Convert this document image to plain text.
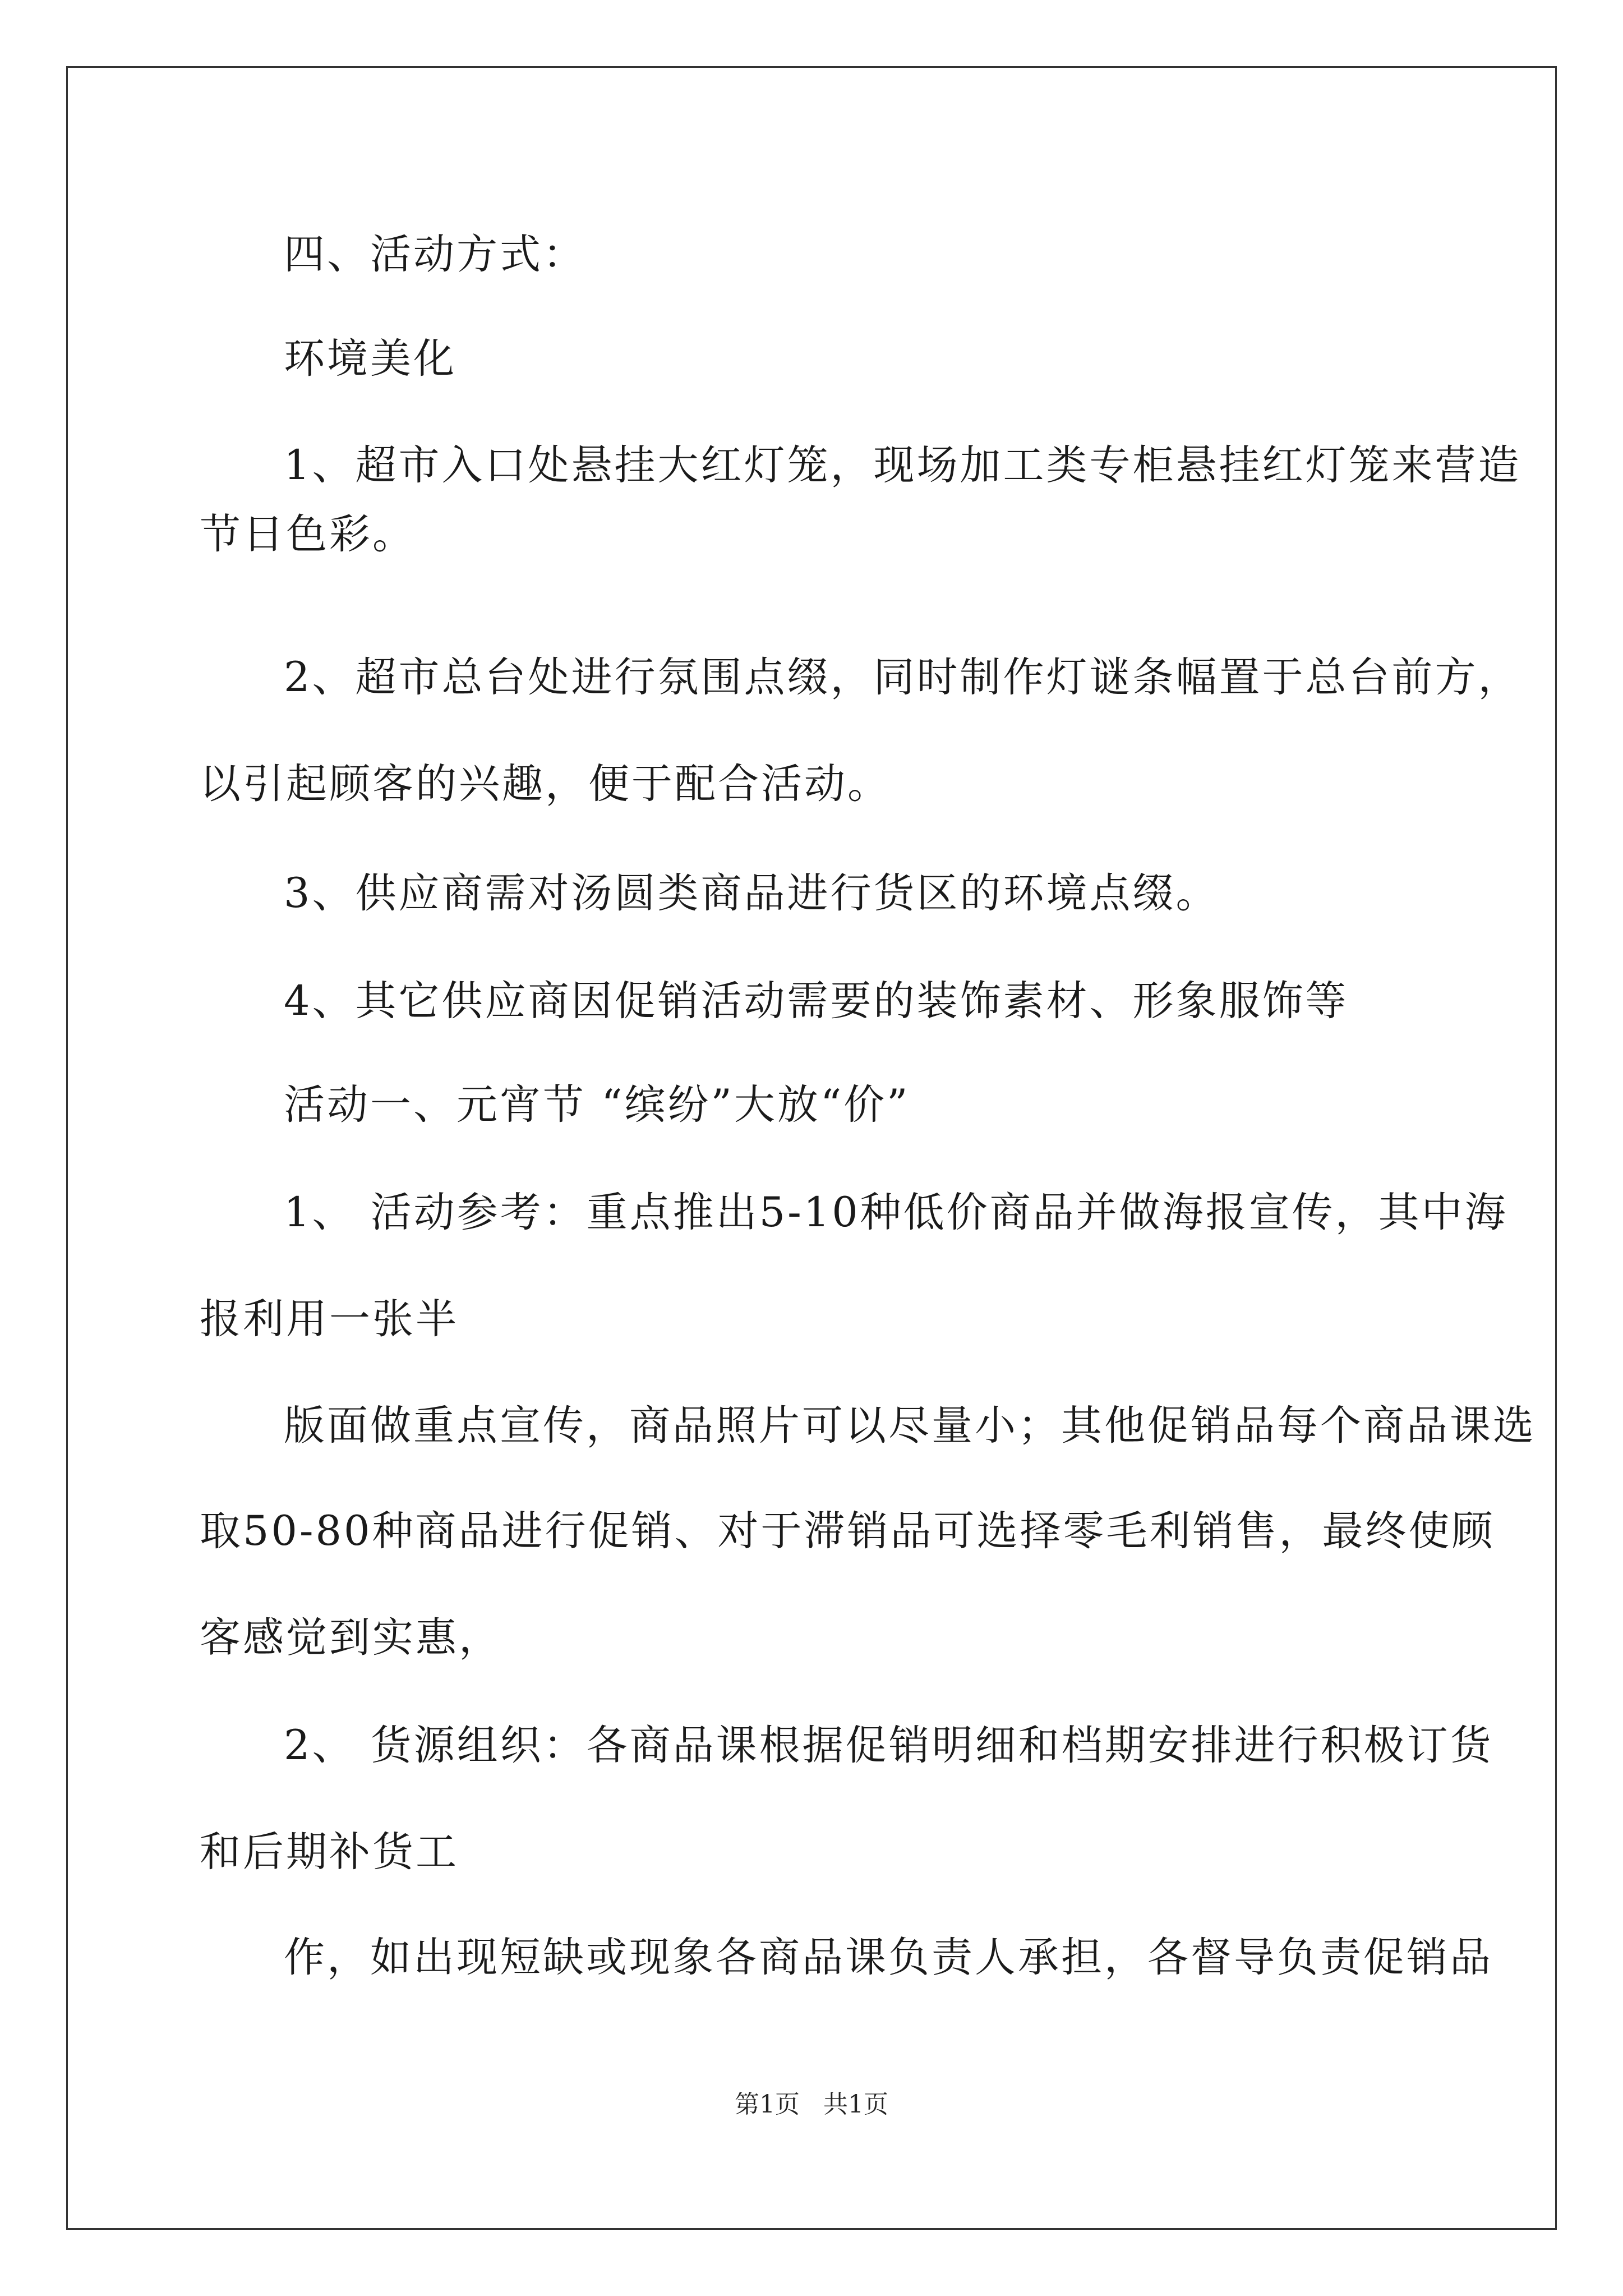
四、活动方式：
环境美化
1、超市入口处悬挂大红灯笼，现场加工类专柜悬挂红灯笼来营造
节日色彩。
2、超市总台处进行氛围点缀，同时制作灯谜条幅置于总台前方，
以引起顾客的兴趣，便于配合活动。
3、供应商需对汤圆类商品进行货区的环境点缀。
4、其它供应商因促销活动需要的装饰素材、形象服饰等
活动一、元宵节 “缤纷”大放“价”
1、 活动参考：重点推出5-10种低价商品并做海报宣传，其中海
报利用一张半
版面做重点宣传，商品照片可以尽量小；其他促销品每个商品课选
取50-80种商品进行促销、对于滞销品可选择零毛利销售，最终使顾
客感觉到实惠，
2、 货源组织：各商品课根据促销明细和档期安排进行积极订货
和后期补货工
作，如出现短缺或现象各商品课负责人承担，各督导负责促销品
第1页   共1页
